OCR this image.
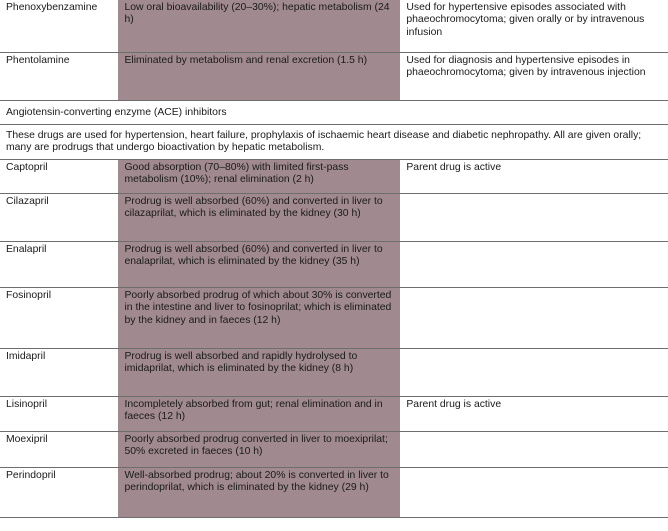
Phenoxybenzamine	Low oral bioavailability (20–30%); hepatic metabolism (24 h)	Used for hypertensive episodes associated with phaeochromocytoma; given orally or by intravenous infusion
Phentolamine	Eliminated by metabolism and renal excretion (1.5 h)	Used for diagnosis and hypertensive episodes in phaeochromocytoma; given by intravenous injection
Angiotensin-converting enzyme (ACE) inhibitors		
These drugs are used for hypertension, heart failure, prophylaxis of ischaemic heart disease and diabetic nephropathy. All are given orally; many are prodrugs that undergo bioactivation by hepatic metabolism.		
Captopril	Good absorption (70–80%) with limited first-pass metabolism (10%); renal elimination (2 h)	Parent drug is active
Cilazapril	Prodrug is well absorbed (60%) and converted in liver to cilazaprilat, which is eliminated by the kidney (30 h)	
Enalapril	Prodrug is well absorbed (60%) and converted in liver to enalaprilat, which is eliminated by the kidney (35 h)	
Fosinopril	Poorly absorbed prodrug of which about 30% is converted in the intestine and liver to fosinoprilat; which is eliminated by the kidney and in faeces (12 h)	
Imidapril	Prodrug is well absorbed and rapidly hydrolysed to imidaprilat, which is eliminated by the kidney (8 h)	
Lisinopril	Incompletely absorbed from gut; renal elimination and in faeces (12 h)	Parent drug is active
Moexipril	Poorly absorbed prodrug converted in liver to moexiprilat; 50% excreted in faeces (10 h)	
Perindopril	Well-absorbed prodrug; about 20% is converted in liver to perindoprilat, which is eliminated by the kidney (29 h)	
